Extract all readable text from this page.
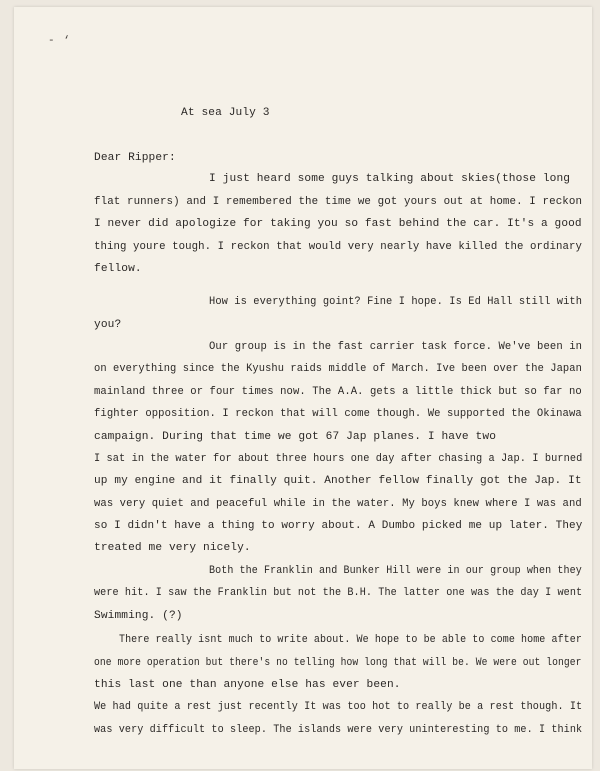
- ‘
At sea July 3
Dear Ripper:
I just heard some guys talking about skies(those long
flat runners) and I remembered the time we got yours out at home. I reckon
I never did apologize for taking you so fast behind the car. It's a good
thing youre tough. I reckon that would very nearly have killed the ordinary
fellow.
How is everything goint? Fine I hope. Is Ed Hall still with
you?
Our group is in the fast carrier task force. We've been in
on everything since the Kyushu raids middle of March. Ive been over the Japan
mainland three or four times now. The A.A. gets a little thick but so far no
fighter opposition. I reckon that will come though. We supported the Okinawa
campaign. During that time we got 67 Jap planes. I have two
I sat in the water for about three hours one day after chasing a Jap. I burned
up my engine and it finally quit. Another fellow finally got the Jap. It
was very quiet and peaceful while in the water. My boys knew where I was and
so I didn't have a thing to worry about. A Dumbo picked me up later. They
treated me very nicely.
Both the Franklin and Bunker Hill were in our group when they
were hit. I saw the Franklin but not the B.H. The latter one was the day I went
Swimming. (?)
There really isnt much to write about. We hope to be able to come home after
one more operation but there's no telling how long that will be. We were out longer
this last one than anyone else has ever been.
We had quite a rest just recently It was too hot to really be a rest though. It
was very difficult to sleep. The islands were very uninteresting to me. I think
